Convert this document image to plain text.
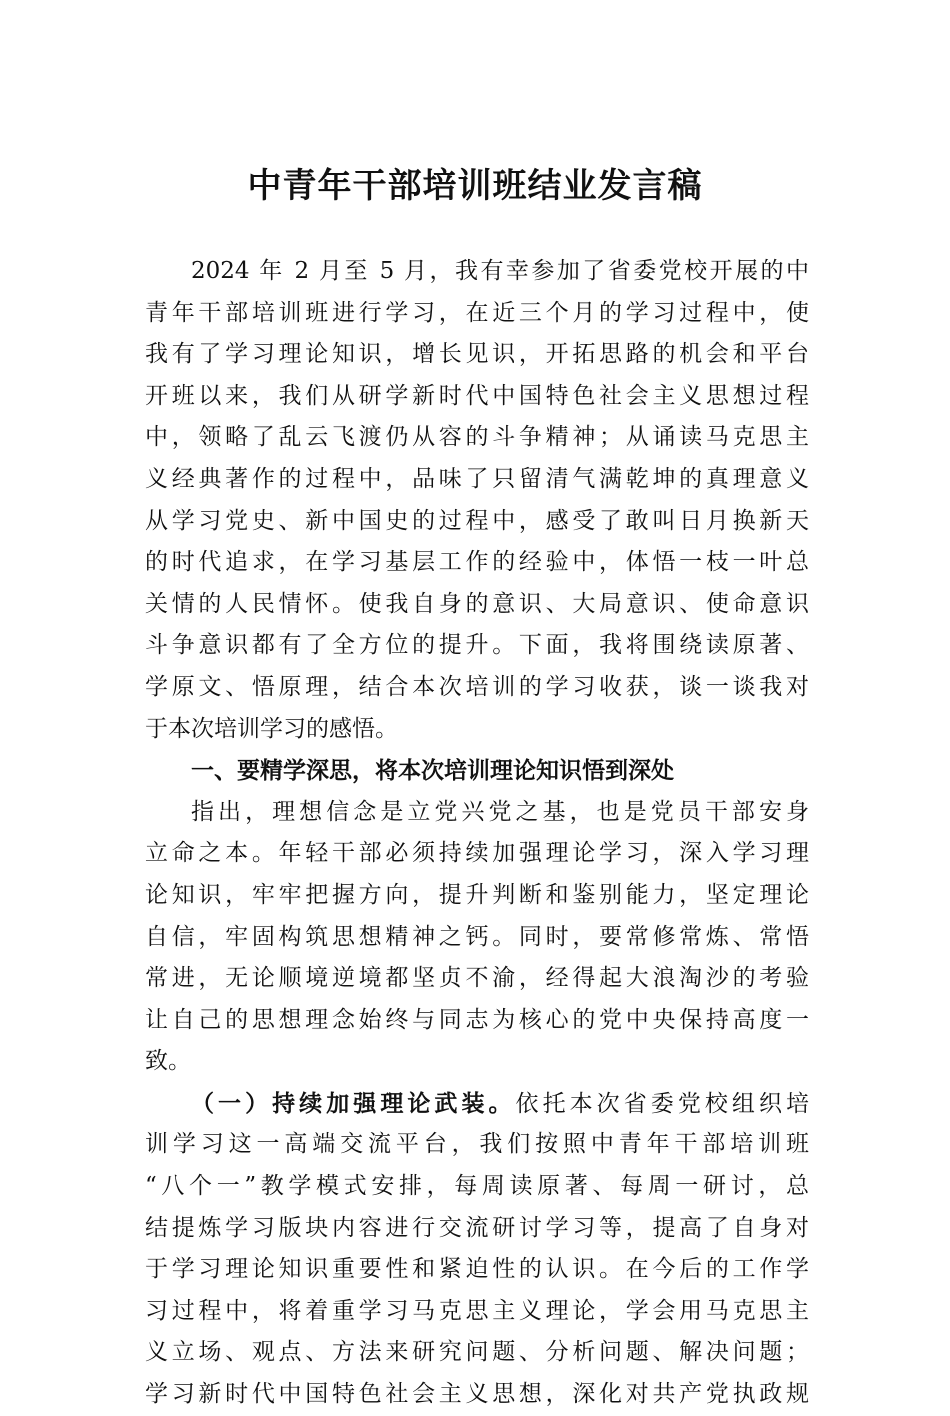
中青年干部培训班结业发言稿
2024 年 2 月至 5 月，我有幸参加了省委党校开展的中
青年干部培训班进行学习，在近三个月的学习过程中，使
我有了学习理论知识，增长见识，开拓思路的机会和平台
开班以来，我们从研学新时代中国特色社会主义思想过程
中，领略了乱云飞渡仍从容的斗争精神；从诵读马克思主
义经典著作的过程中，品味了只留清气满乾坤的真理意义
从学习党史、新中国史的过程中，感受了敢叫日月换新天
的时代追求，在学习基层工作的经验中，体悟一枝一叶总
关情的人民情怀。使我自身的意识、大局意识、使命意识
斗争意识都有了全方位的提升。下面，我将围绕读原著、
学原文、悟原理，结合本次培训的学习收获，谈一谈我对
于本次培训学习的感悟。
一、要精学深思，将本次培训理论知识悟到深处
指出，理想信念是立党兴党之基，也是党员干部安身
立命之本。年轻干部必须持续加强理论学习，深入学习理
论知识，牢牢把握方向，提升判断和鉴别能力，坚定理论
自信，牢固构筑思想精神之钙。同时，要常修常炼、常悟
常进，无论顺境逆境都坚贞不渝，经得起大浪淘沙的考验
让自己的思想理念始终与同志为核心的党中央保持高度一
致。
（一）持续加强理论武装。依托本次省委党校组织培
训学习这一高端交流平台，我们按照中青年干部培训班
“八个一”教学模式安排，每周读原著、每周一研讨，总
结提炼学习版块内容进行交流研讨学习等，提高了自身对
于学习理论知识重要性和紧迫性的认识。在今后的工作学
习过程中，将着重学习马克思主义理论，学会用马克思主
义立场、观点、方法来研究问题、分析问题、解决问题；
学习新时代中国特色社会主义思想，深化对共产党执政规
